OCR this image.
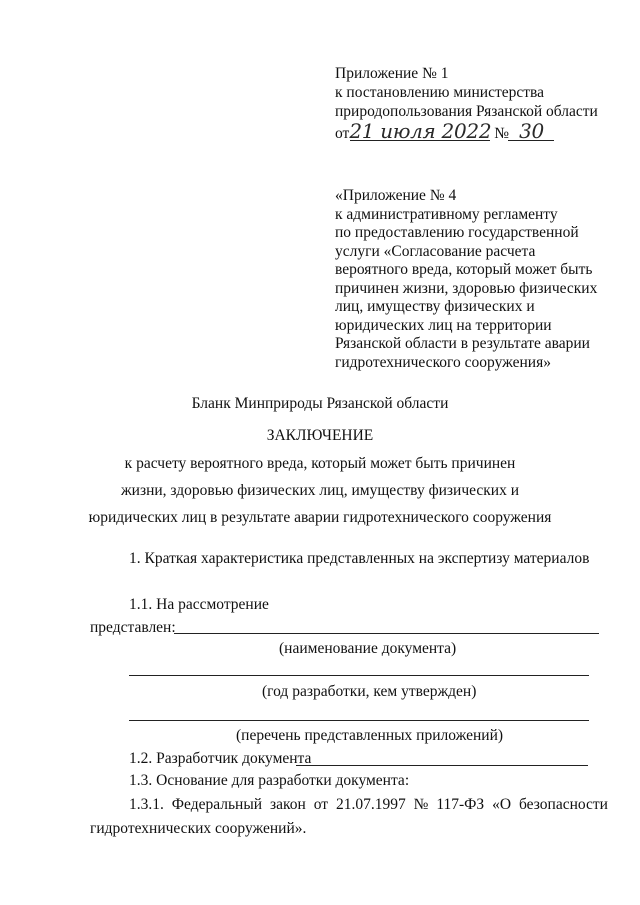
Приложение № 1
к постановлению министерства
природопользования Рязанской области
от21 июля 2022 № 30
«Приложение № 4
к административному регламенту
по предоставлению государственной
услуги «Согласование расчета
вероятного вреда, который может быть
причинен жизни, здоровью физических
лиц, имуществу физических и
юридических лиц на территории
Рязанской области в результате аварии
гидротехнического сооружения»
Бланк Минприроды Рязанской области
ЗАКЛЮЧЕНИЕ
к расчету вероятного вреда, который может быть причинен
жизни, здоровью физических лиц, имуществу физических и
юридических лиц в результате аварии гидротехнического сооружения
1. Краткая характеристика представленных на экспертизу материалов
1.1. На рассмотрение
представлен:
(наименование документа)
(год разработки, кем утвержден)
(перечень представленных приложений)
1.2. Разработчик документа
1.3. Основание для разработки документа:
1.3.1. Федеральный закон от 21.07.1997 № 117-ФЗ «О безопасности
гидротехнических сооружений».
